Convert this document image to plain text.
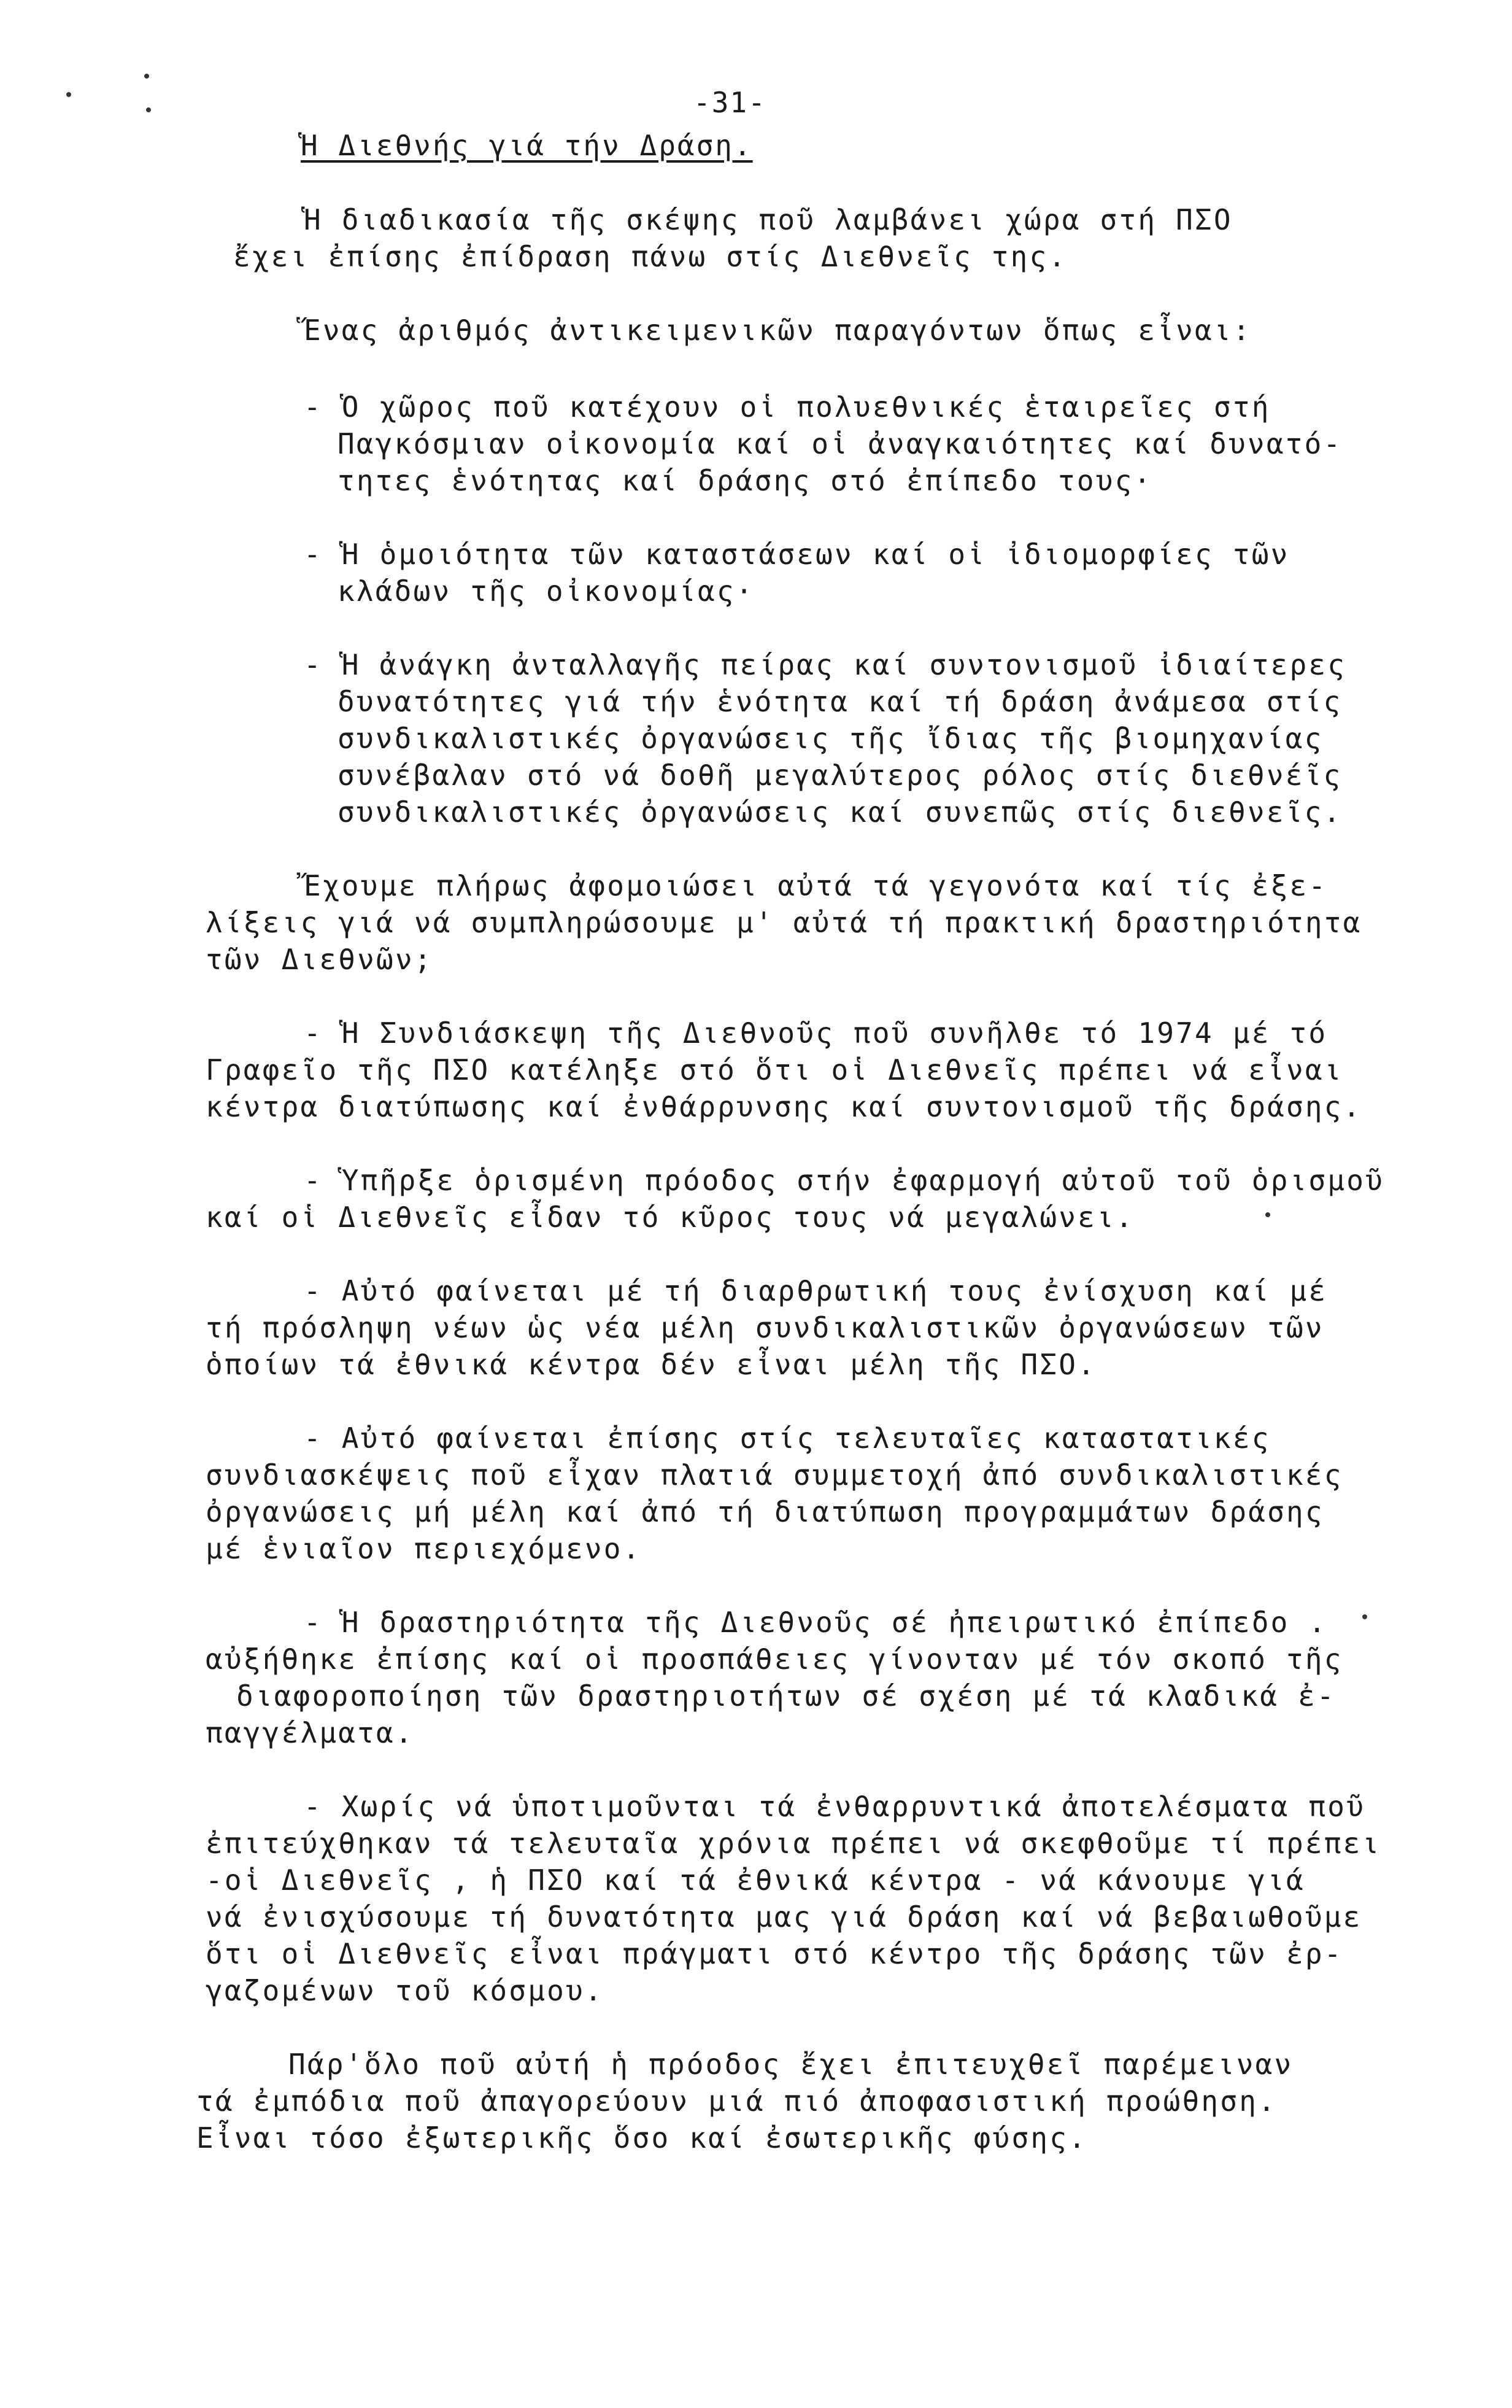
-31-
Ἡ Διεθνής γιά τήν Δράση.
Ἡ διαδικασία τῆς σκέψης ποῦ λαμβάνει χώρα στή ΠΣΟ
ἔχει ἐπίσης ἐπίδραση πάνω στίς Διεθνεῖς της.
Ἕνας ἀριθμός ἀντικειμενικῶν παραγόντων ὅπως εἶναι:
- Ὁ χῶρος ποῦ κατέχουν οἱ πολυεθνικές ἑταιρεῖες στή
Παγκόσμιαν οἰκονομία καί οἱ ἀναγκαιότητες καί δυνατό-
τητες ἑνότητας καί δράσης στό ἐπίπεδο τους·
- Ἡ ὁμοιότητα τῶν καταστάσεων καί οἱ ἰδιομορφίες τῶν
κλάδων τῆς οἰκονομίας·
- Ἡ ἀνάγκη ἀνταλλαγῆς πείρας καί συντονισμοῦ ἰδιαίτερες
δυνατότητες γιά τήν ἑνότητα καί τή δράση ἀνάμεσα στίς
συνδικαλιστικές ὀργανώσεις τῆς ἴδιας τῆς βιομηχανίας
συνέβαλαν στό νά δοθῆ μεγαλύτερος ρόλος στίς διεθνέῖς
συνδικαλιστικές ὀργανώσεις καί συνεπῶς στίς διεθνεῖς.
Ἔχουμε πλήρως ἀφομοιώσει αὐτά τά γεγονότα καί τίς ἐξε-
λίξεις γιά νά συμπληρώσουμε μ' αὐτά τή πρακτική δραστηριότητα
τῶν Διεθνῶν;
- Ἡ Συνδιάσκεψη τῆς Διεθνοῦς ποῦ συνῆλθε τό 1974 μέ τό
Γραφεῖο τῆς ΠΣΟ κατέληξε στό ὅτι οἱ Διεθνεῖς πρέπει νά εἶναι
κέντρα διατύπωσης καί ἐνθάρρυνσης καί συντονισμοῦ τῆς δράσης.
- Ὑπῆρξε ὁρισμένη πρόοδος στήν ἐφαρμογή αὐτοῦ τοῦ ὁρισμοῦ
καί οἱ Διεθνεῖς εἶδαν τό κῦρος τους νά μεγαλώνει.
- Αὐτό φαίνεται μέ τή διαρθρωτική τους ἐνίσχυση καί μέ
τή πρόσληψη νέων ὡς νέα μέλη συνδικαλιστικῶν ὀργανώσεων τῶν
ὁποίων τά ἐθνικά κέντρα δέν εἶναι μέλη τῆς ΠΣΟ.
- Αὐτό φαίνεται ἐπίσης στίς τελευταῖες καταστατικές
συνδιασκέψεις ποῦ εἶχαν πλατιά συμμετοχή ἀπό συνδικαλιστικές
ὀργανώσεις μή μέλη καί ἀπό τή διατύπωση προγραμμάτων δράσης
μέ ἑνιαῖον περιεχόμενο.
- Ἡ δραστηριότητα τῆς Διεθνοῦς σέ ἠπειρωτικό ἐπίπεδο .
αὐξήθηκε ἐπίσης καί οἱ προσπάθειες γίνονταν μέ τόν σκοπό τῆς
διαφοροποίηση τῶν δραστηριοτήτων σέ σχέση μέ τά κλαδικά ἐ-
παγγέλματα.
- Χωρίς νά ὑποτιμοῦνται τά ἐνθαρρυντικά ἀποτελέσματα ποῦ
ἐπιτεύχθηκαν τά τελευταῖα χρόνια πρέπει νά σκεφθοῦμε τί πρέπει
-οἱ Διεθνεῖς , ἡ ΠΣΟ καί τά ἐθνικά κέντρα - νά κάνουμε γιά
νά ἐνισχύσουμε τή δυνατότητα μας γιά δράση καί νά βεβαιωθοῦμε
ὅτι οἱ Διεθνεῖς εἶναι πράγματι στό κέντρο τῆς δράσης τῶν ἐρ-
γαζομένων τοῦ κόσμου.
Πάρ'ὅλο ποῦ αὐτή ἡ πρόοδος ἔχει ἐπιτευχθεῖ παρέμειναν
τά ἐμπόδια ποῦ ἀπαγορεύουν μιά πιό ἀποφασιστική προώθηση.
Εἶναι τόσο ἐξωτερικῆς ὅσο καί ἐσωτερικῆς φύσης.
